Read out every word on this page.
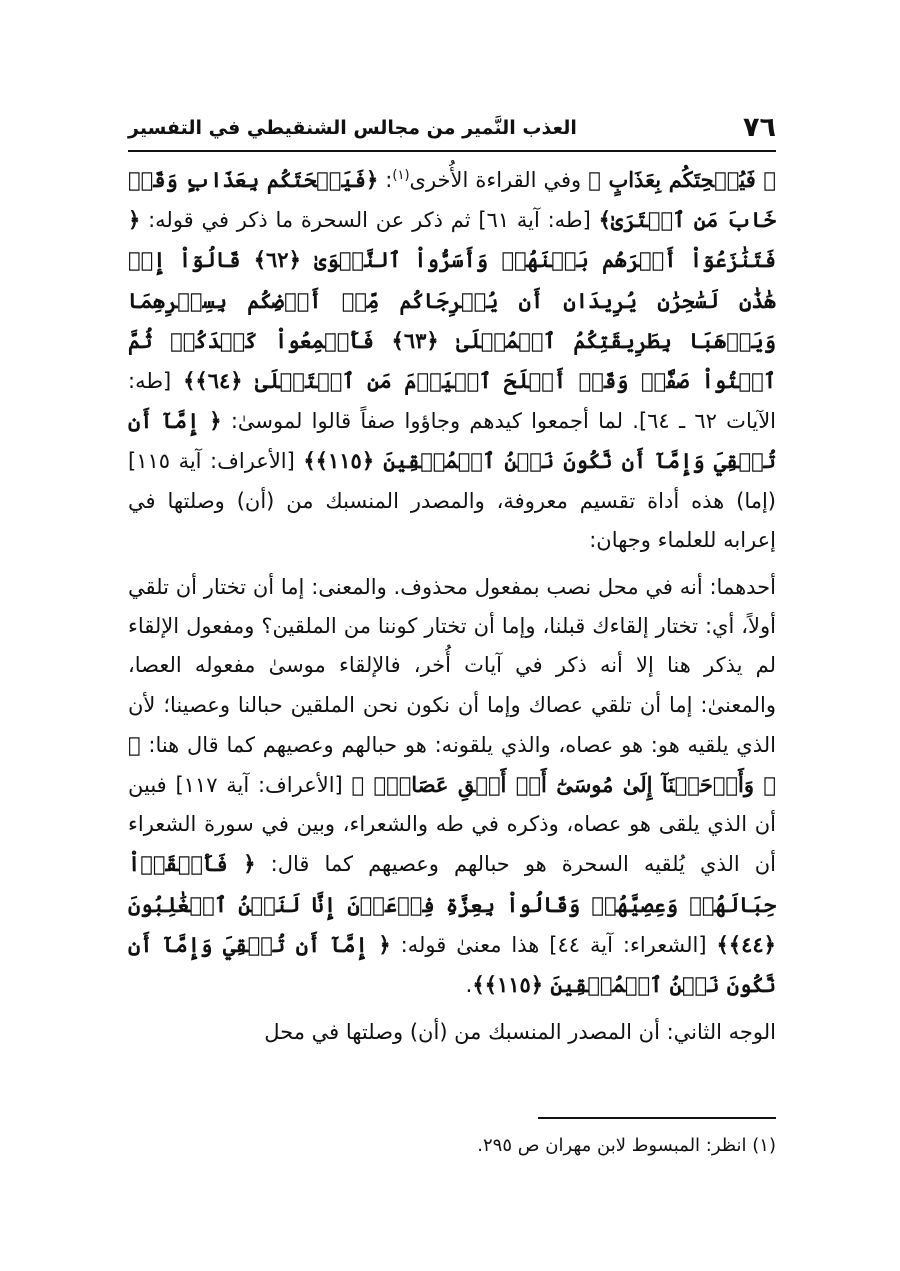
٧٦
العذب النَّمير من مجالس الشنقيطي في التفسير

﴿ فَيُسۡحِتَكُم بِعَذَابٍ ﴾ وفي القراءة الأُخرى$^{(١)}$: ﴿فَيَسۡحَتَكُم بِعَذَابٍ وَقَدۡ خَابَ مَنِ ٱفۡتَرَىٰ﴾ [طه: آية ٦١] ثم ذكر عن السحرة ما ذكر في قوله: ﴿ فَتَنَٰزَعُوٓاْ أَمۡرَهُم بَيۡنَهُمۡ وَأَسَرُّواْ ٱلنَّجۡوَىٰ ﴿٦٢﴾ قَالُوٓاْ إِنۡ هَٰذَٰنِ لَسَٰحِرَٰنِ يُرِيدَانِ أَن يُخۡرِجَاكُم مِّنۡ أَرۡضِكُم بِسِحۡرِهِمَا وَيَذۡهَبَا بِطَرِيقَتِكُمُ ٱلۡمُثۡلَىٰ ﴿٦٣﴾ فَأَجۡمِعُواْ كَيۡدَكُمۡ ثُمَّ ٱئۡتُواْ صَفّٗاۚ وَقَدۡ أَفۡلَحَ ٱلۡيَوۡمَ مَنِ ٱسۡتَعۡلَىٰ ﴿٦٤﴾﴾ [طه: الآيات ٦٢ ـ ٦٤]. لما أجمعوا كيدهم وجاؤوا صفاً قالوا لموسىٰ: ﴿ إِمَّآ أَن تُلۡقِيَ وَإِمَّآ أَن نَّكُونَ نَحۡنُ ٱلۡمُلۡقِينَ ﴿١١٥﴾﴾ [الأعراف: آية ١١٥] (إما) هذه أداة تقسيم معروفة، والمصدر المنسبك من (أن) وصلتها في إعرابه للعلماء وجهان:

أحدهما: أنه في محل نصب بمفعول محذوف. والمعنى: إما أن تختار أن تلقي أولاً، أي: تختار إلقاءك قبلنا، وإما أن تختار كوننا من الملقين؟ ومفعول الإلقاء لم يذكر هنا إلا أنه ذكر في آيات أُخر، فالإلقاء موسىٰ مفعوله العصا، والمعنىٰ: إما أن تلقي عصاك وإما أن نكون نحن الملقين حبالنا وعصينا؛ لأن الذي يلقيه هو: هو عصاه، والذي يلقونه: هو حبالهم وعصيهم كما قال هنا: ﴿ ۞ وَأَوۡحَيۡنَآ إِلَىٰ مُوسَىٰٓ أَنۡ أَلۡقِ عَصَاكَۖ ﴾ [الأعراف: آية ١١٧] فبين أن الذي يلقى هو عصاه، وذكره في طه والشعراء، وبين في سورة الشعراء أن الذي يُلقيه السحرة هو حبالهم وعصيهم كما قال: ﴿ فَأَلۡقَوۡاْ حِبَالَهُمۡ وَعِصِيَّهُمۡ وَقَالُواْ بِعِزَّةِ فِرۡعَوۡنَ إِنَّا لَنَحۡنُ ٱلۡغَٰلِبُونَ ﴿٤٤﴾﴾ [الشعراء: آية ٤٤] هذا معنىٰ قوله: ﴿ إِمَّآ أَن تُلۡقِيَ وَإِمَّآ أَن نَّكُونَ نَحۡنُ ٱلۡمُلۡقِينَ ﴿١١٥﴾﴾.

الوجه الثاني: أن المصدر المنسبك من (أن) وصلتها في محل

(١) انظر: المبسوط لابن مهران ص ٢٩٥.
